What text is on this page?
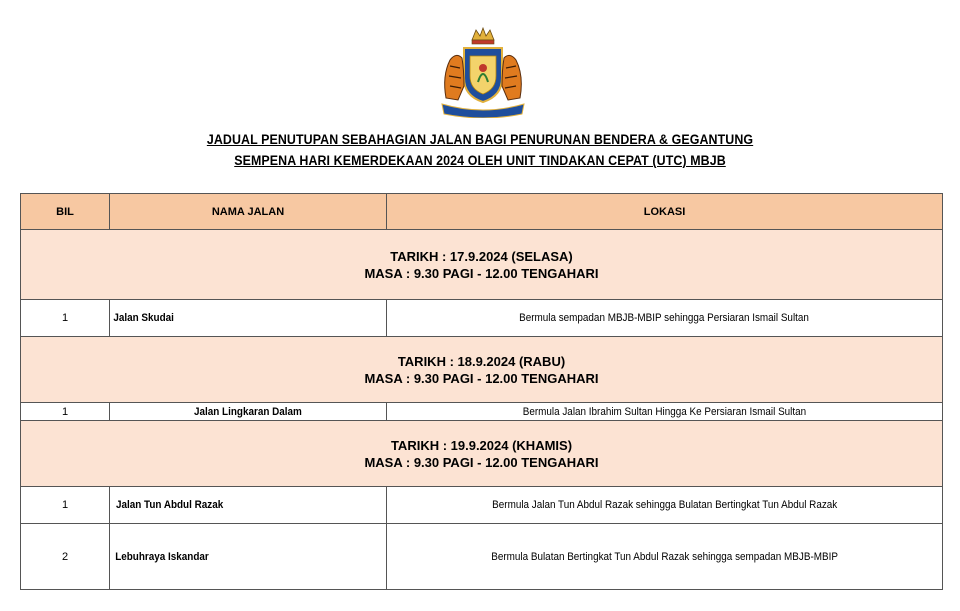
JADUAL PENUTUPAN SEBAHAGIAN JALAN BAGI PENURUNAN BENDERA & GEGANTUNG
SEMPENA HARI KEMERDEKAAN 2024 OLEH UNIT TINDAKAN CEPAT (UTC) MBJB
BIL	NAMA JALAN	LOKASI

TARIKH : 17.9.2024 (SELASA)
MASA : 9.30 PAGI - 12.00 TENGAHARI		

1	Jalan Skudai	Bermula sempadan MBJB-MBIP sehingga Persiaran Ismail Sultan

TARIKH : 18.9.2024 (RABU)
MASA : 9.30 PAGI - 12.00 TENGAHARI		

1	Jalan Lingkaran Dalam	Bermula Jalan Ibrahim Sultan Hingga Ke Persiaran Ismail Sultan

TARIKH : 19.9.2024 (KHAMIS)
MASA : 9.30 PAGI - 12.00 TENGAHARI		

1	Jalan Tun Abdul Razak	Bermula Jalan Tun Abdul Razak sehingga Bulatan Bertingkat Tun Abdul Razak
2	Lebuhraya Iskandar	Bermula Bulatan Bertingkat Tun Abdul Razak sehingga sempadan MBJB-MBIP
